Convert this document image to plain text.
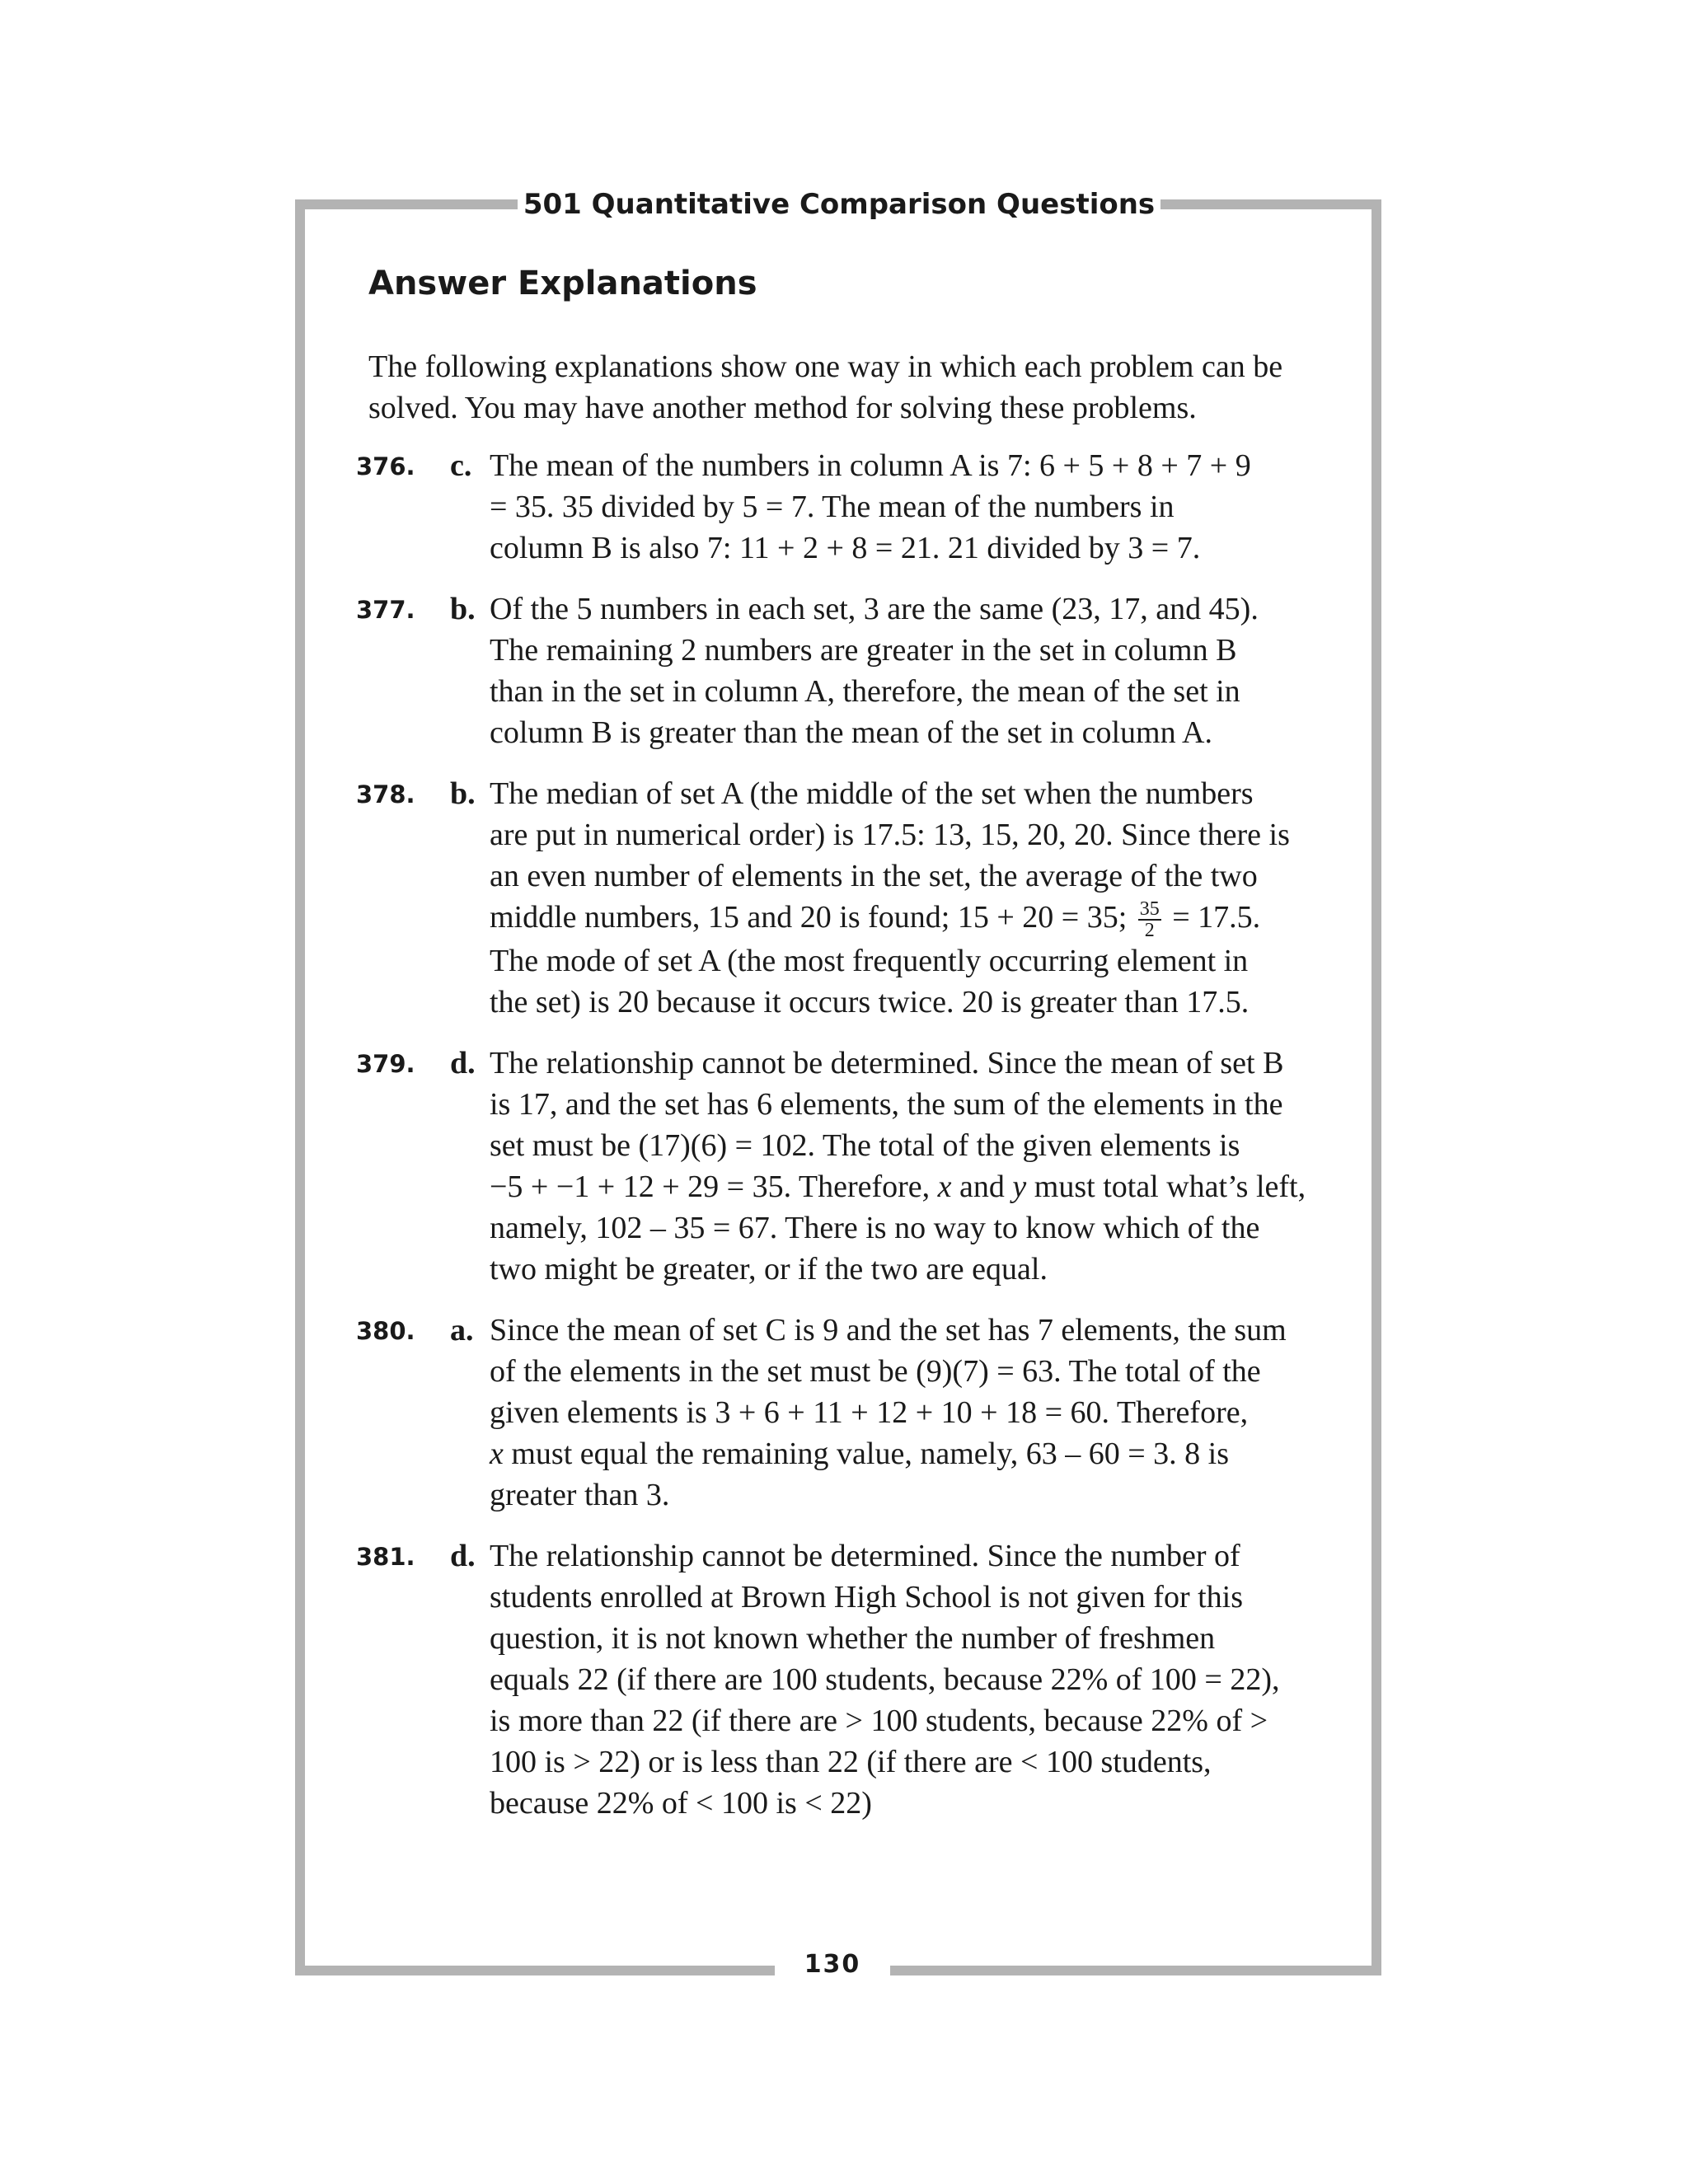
501 Quantitative Comparison Questions
Answer Explanations
The following explanations show one way in which each problem can be
solved. You may have another method for solving these problems.
376. c. The mean of the numbers in column A is 7: 6 + 5 + 8 + 7 + 9

= 35. 35 divided by 5 = 7. The mean of the numbers in

column B is also 7: 11 + 2 + 8 = 21. 21 divided by 3 = 7.

377. b. Of the 5 numbers in each set, 3 are the same (23, 17, and 45).

The remaining 2 numbers are greater in the set in column B

than in the set in column A, therefore, the mean of the set in

column B is greater than the mean of the set in column A.

378. b. The median of set A (the middle of the set when the numbers

are put in numerical order) is 17.5: 13, 15, 20, 20. Since there is

an even number of elements in the set, the average of the two

middle numbers, 15 and 20 is found; 15 + 20 = 35; $\frac{35}{2} = 17.5$.

The mode of set A (the most frequently occurring element in

the set) is 20 because it occurs twice. 20 is greater than 17.5.

379. d. The relationship cannot be determined. Since the mean of set B

is 17, and the set has 6 elements, the sum of the elements in the

set must be (17)(6) = 102. The total of the given elements is

−5 + −1 + 12 + 29 = 35. Therefore, x and y must total what’s left,

namely, 102 – 35 = 67. There is no way to know which of the

two might be greater, or if the two are equal.

380. a. Since the mean of set C is 9 and the set has 7 elements, the sum

of the elements in the set must be (9)(7) = 63. The total of the

given elements is 3 + 6 + 11 + 12 + 10 + 18 = 60. Therefore,

x must equal the remaining value, namely, 63 – 60 = 3. 8 is

greater than 3.

381. d. The relationship cannot be determined. Since the number of

students enrolled at Brown High School is not given for this

question, it is not known whether the number of freshmen

equals 22 (if there are 100 students, because 22% of 100 = 22),

is more than 22 (if there are > 100 students, because 22% of >

100 is > 22) or is less than 22 (if there are < 100 students,

because 22% of < 100 is < 22)

130
